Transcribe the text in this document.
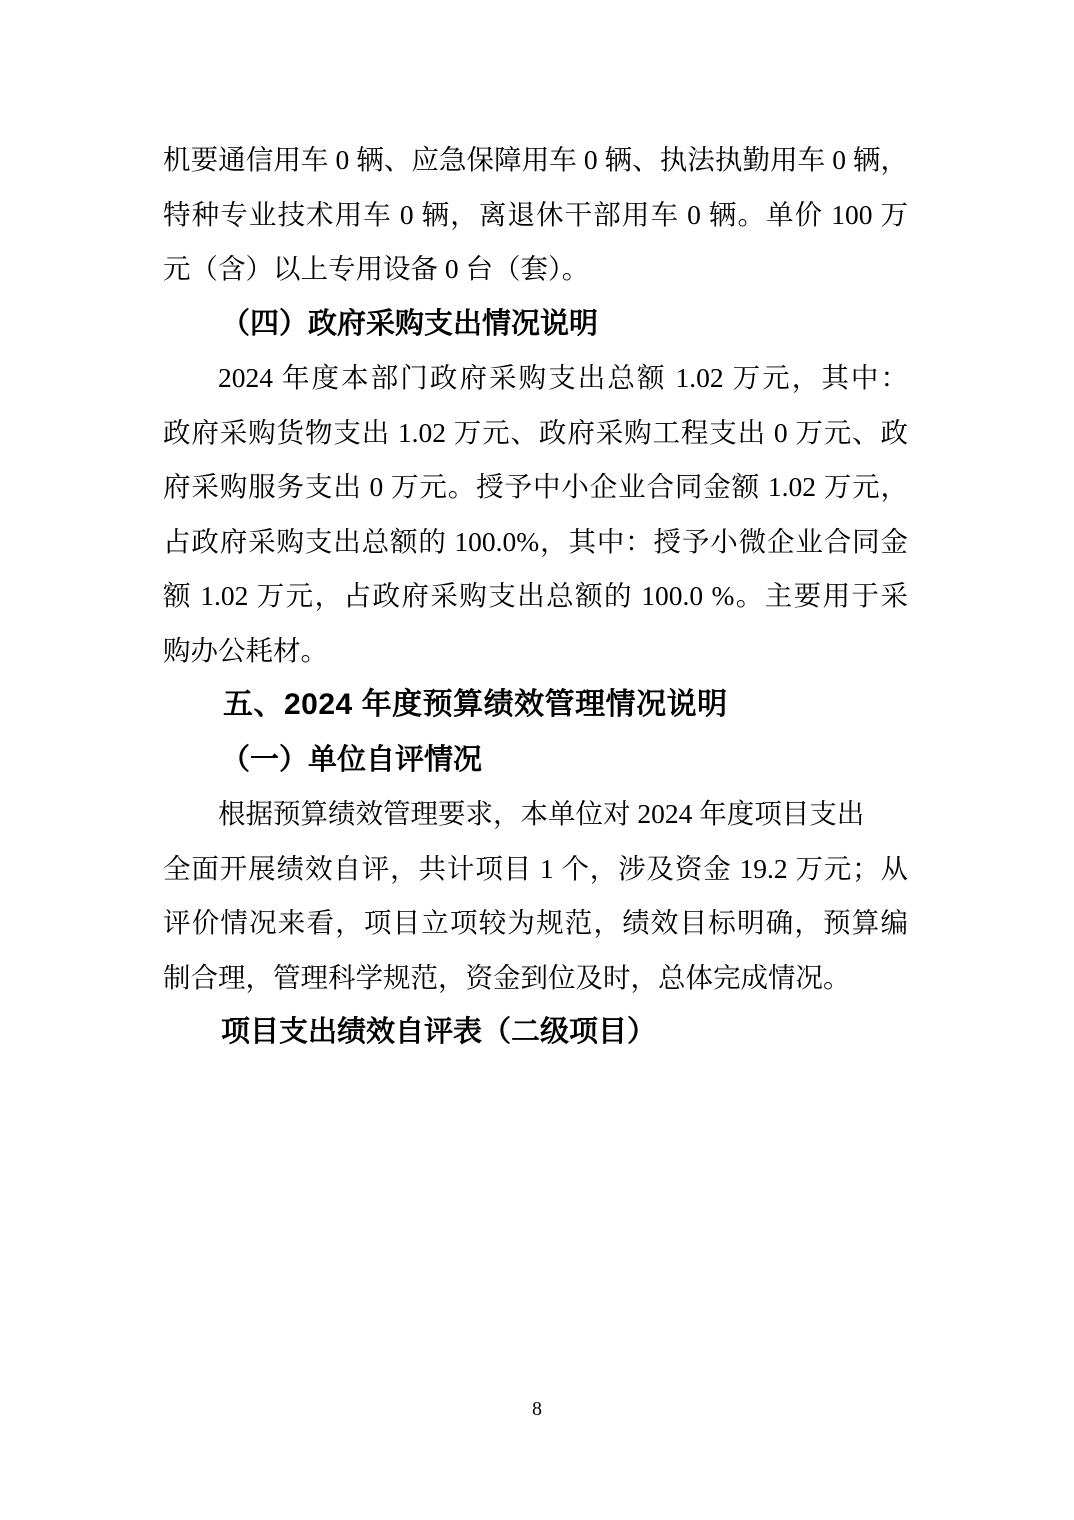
机要通信用车 0 辆、应急保障用车 0 辆、执法执勤用车 0 辆，
特种专业技术用车 0 辆，离退休干部用车 0 辆。单价 100 万
元（含）以上专用设备 0 台（套）。
（四）政府采购支出情况说明
2024 年度本部门政府采购支出总额 1.02 万元，其中：
政府采购货物支出 1.02 万元、政府采购工程支出 0 万元、政
府采购服务支出 0 万元。授予中小企业合同金额 1.02 万元，
占政府采购支出总额的 100.0%，其中：授予小微企业合同金
额 1.02 万元，占政府采购支出总额的 100.0 %。主要用于采
购办公耗材。
五、2024 年度预算绩效管理情况说明
（一）单位自评情况
根据预算绩效管理要求，本单位对 2024 年度项目支出
全面开展绩效自评，共计项目 1 个，涉及资金 19.2 万元；从
评价情况来看，项目立项较为规范，绩效目标明确，预算编
制合理，管理科学规范，资金到位及时，总体完成情况。
项目支出绩效自评表（二级项目）
8
